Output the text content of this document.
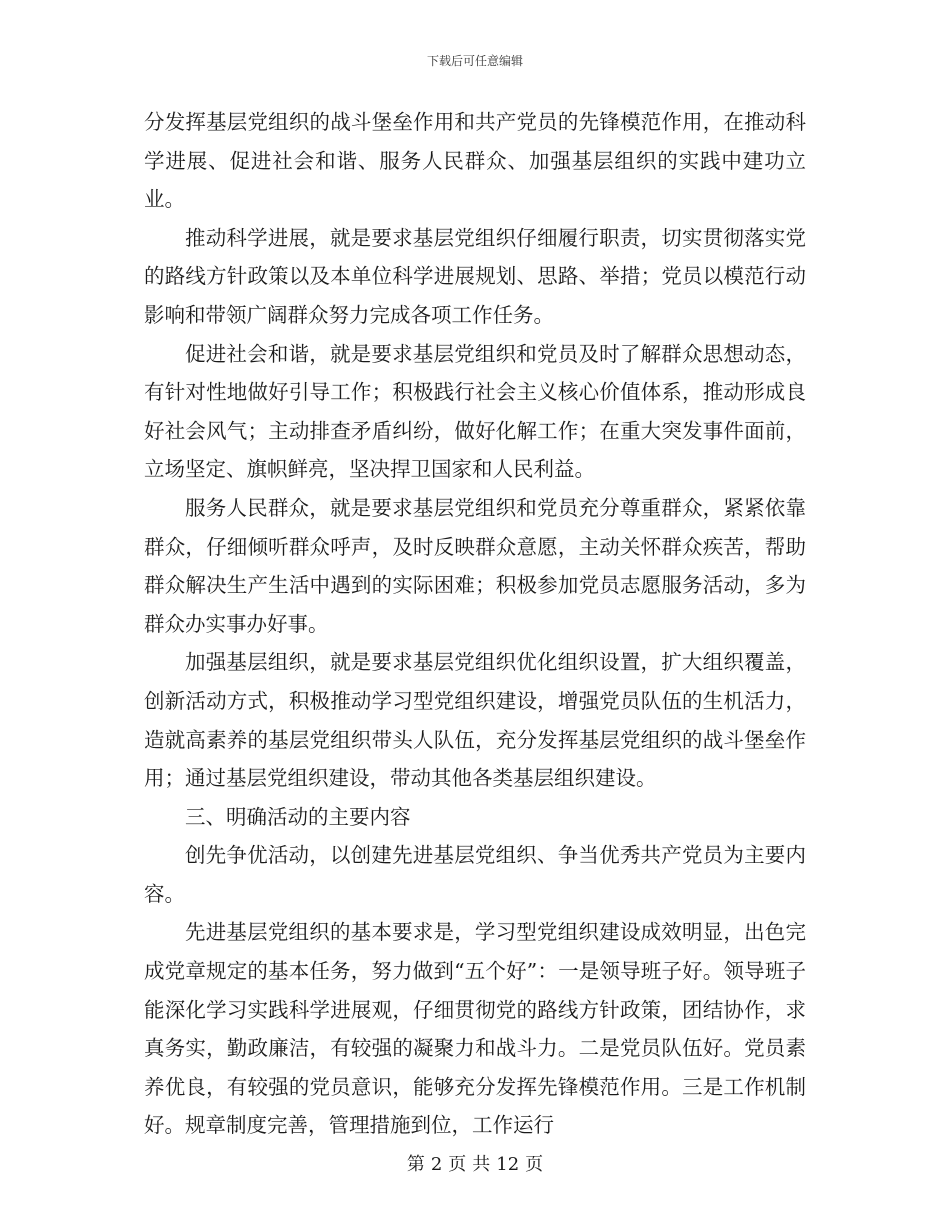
下载后可任意编辑

分发挥基层党组织的战斗堡垒作用和共产党员的先锋模范作用，在推动科学进展、促进社会和谐、服务人民群众、加强基层组织的实践中建功立业。

推动科学进展，就是要求基层党组织仔细履行职责，切实贯彻落实党的路线方针政策以及本单位科学进展规划、思路、举措；党员以模范行动影响和带领广阔群众努力完成各项工作任务。

促进社会和谐，就是要求基层党组织和党员及时了解群众思想动态，有针对性地做好引导工作；积极践行社会主义核心价值体系，推动形成良好社会风气；主动排查矛盾纠纷，做好化解工作；在重大突发事件面前，立场坚定、旗帜鲜亮，坚决捍卫国家和人民利益。

服务人民群众，就是要求基层党组织和党员充分尊重群众，紧紧依靠群众，仔细倾听群众呼声，及时反映群众意愿，主动关怀群众疾苦，帮助群众解决生产生活中遇到的实际困难；积极参加党员志愿服务活动，多为群众办实事办好事。

加强基层组织，就是要求基层党组织优化组织设置，扩大组织覆盖，创新活动方式，积极推动学习型党组织建设，增强党员队伍的生机活力，造就高素养的基层党组织带头人队伍，充分发挥基层党组织的战斗堡垒作用；通过基层党组织建设，带动其他各类基层组织建设。

三、明确活动的主要内容

创先争优活动，以创建先进基层党组织、争当优秀共产党员为主要内容。

先进基层党组织的基本要求是，学习型党组织建设成效明显，出色完成党章规定的基本任务，努力做到“五个好”：一是领导班子好。领导班子能深化学习实践科学进展观，仔细贯彻党的路线方针政策，团结协作，求真务实，勤政廉洁，有较强的凝聚力和战斗力。二是党员队伍好。党员素养优良，有较强的党员意识，能够充分发挥先锋模范作用。三是工作机制好。规章制度完善，管理措施到位，工作运行

第 2 页 共 12 页
